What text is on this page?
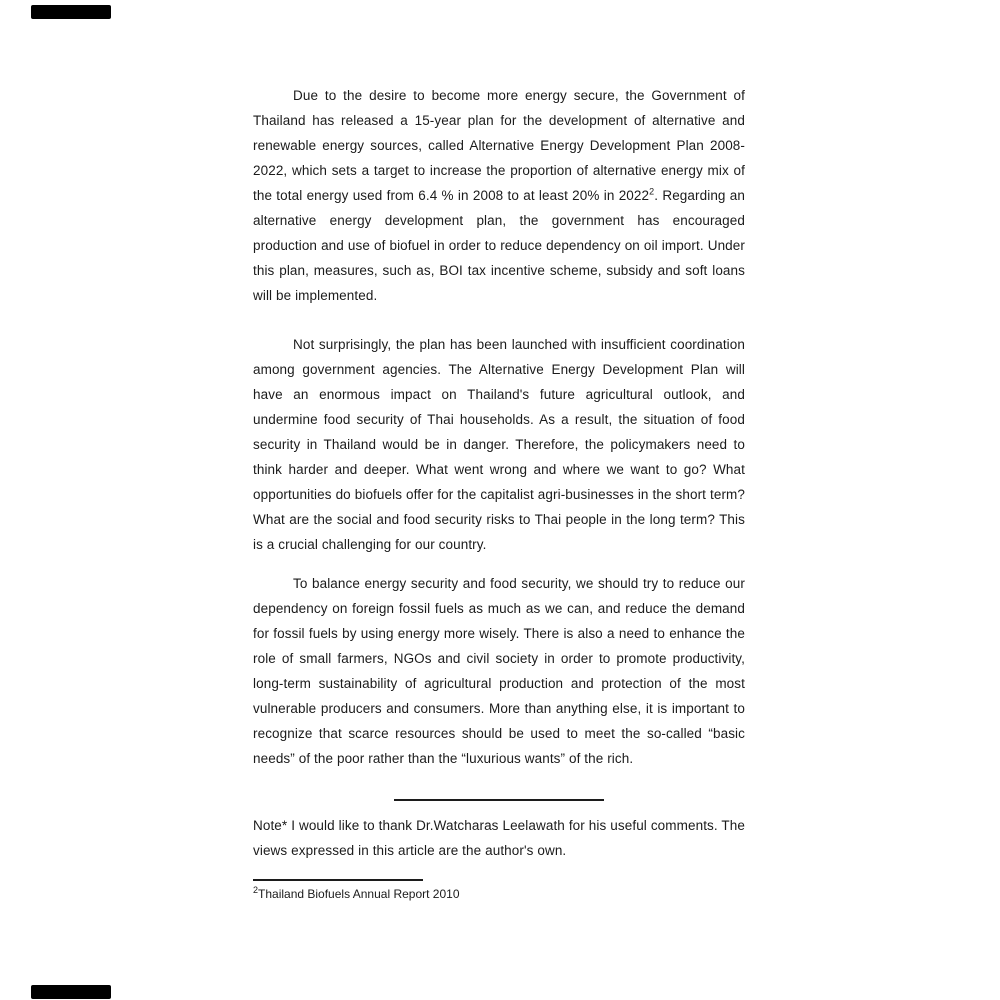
Due to the desire to become more energy secure, the Government of Thailand has released a 15-year plan for the development of alternative and renewable energy sources, called Alternative Energy Development Plan 2008-2022, which sets a target to increase the proportion of alternative energy mix of the total energy used from 6.4 % in 2008 to at least 20% in 2022$^2$. Regarding an alternative energy development plan, the government has encouraged production and use of biofuel in order to reduce dependency on oil import. Under this plan, measures, such as, BOI tax incentive scheme, subsidy and soft loans will be implemented.

Not surprisingly, the plan has been launched with insufficient coordination among government agencies. The Alternative Energy Development Plan will have an enormous impact on Thailand's future agricultural outlook, and undermine food security of Thai households. As a result, the situation of food security in Thailand would be in danger. Therefore, the policymakers need to think harder and deeper. What went wrong and where we want to go? What opportunities do biofuels offer for the capitalist agri-businesses in the short term? What are the social and food security risks to Thai people in the long term? This is a crucial challenging for our country.

To balance energy security and food security, we should try to reduce our dependency on foreign fossil fuels as much as we can, and reduce the demand for fossil fuels by using energy more wisely. There is also a need to enhance the role of small farmers, NGOs and civil society in order to promote productivity, long-term sustainability of agricultural production and protection of the most vulnerable producers and consumers. More than anything else, it is important to recognize that scarce resources should be used to meet the so-called “basic needs” of the poor rather than the “luxurious wants” of the rich.

Note* I would like to thank Dr.Watcharas Leelawath for his useful comments. The views expressed in this article are the author's own.

$^2$Thailand Biofuels Annual Report 2010
